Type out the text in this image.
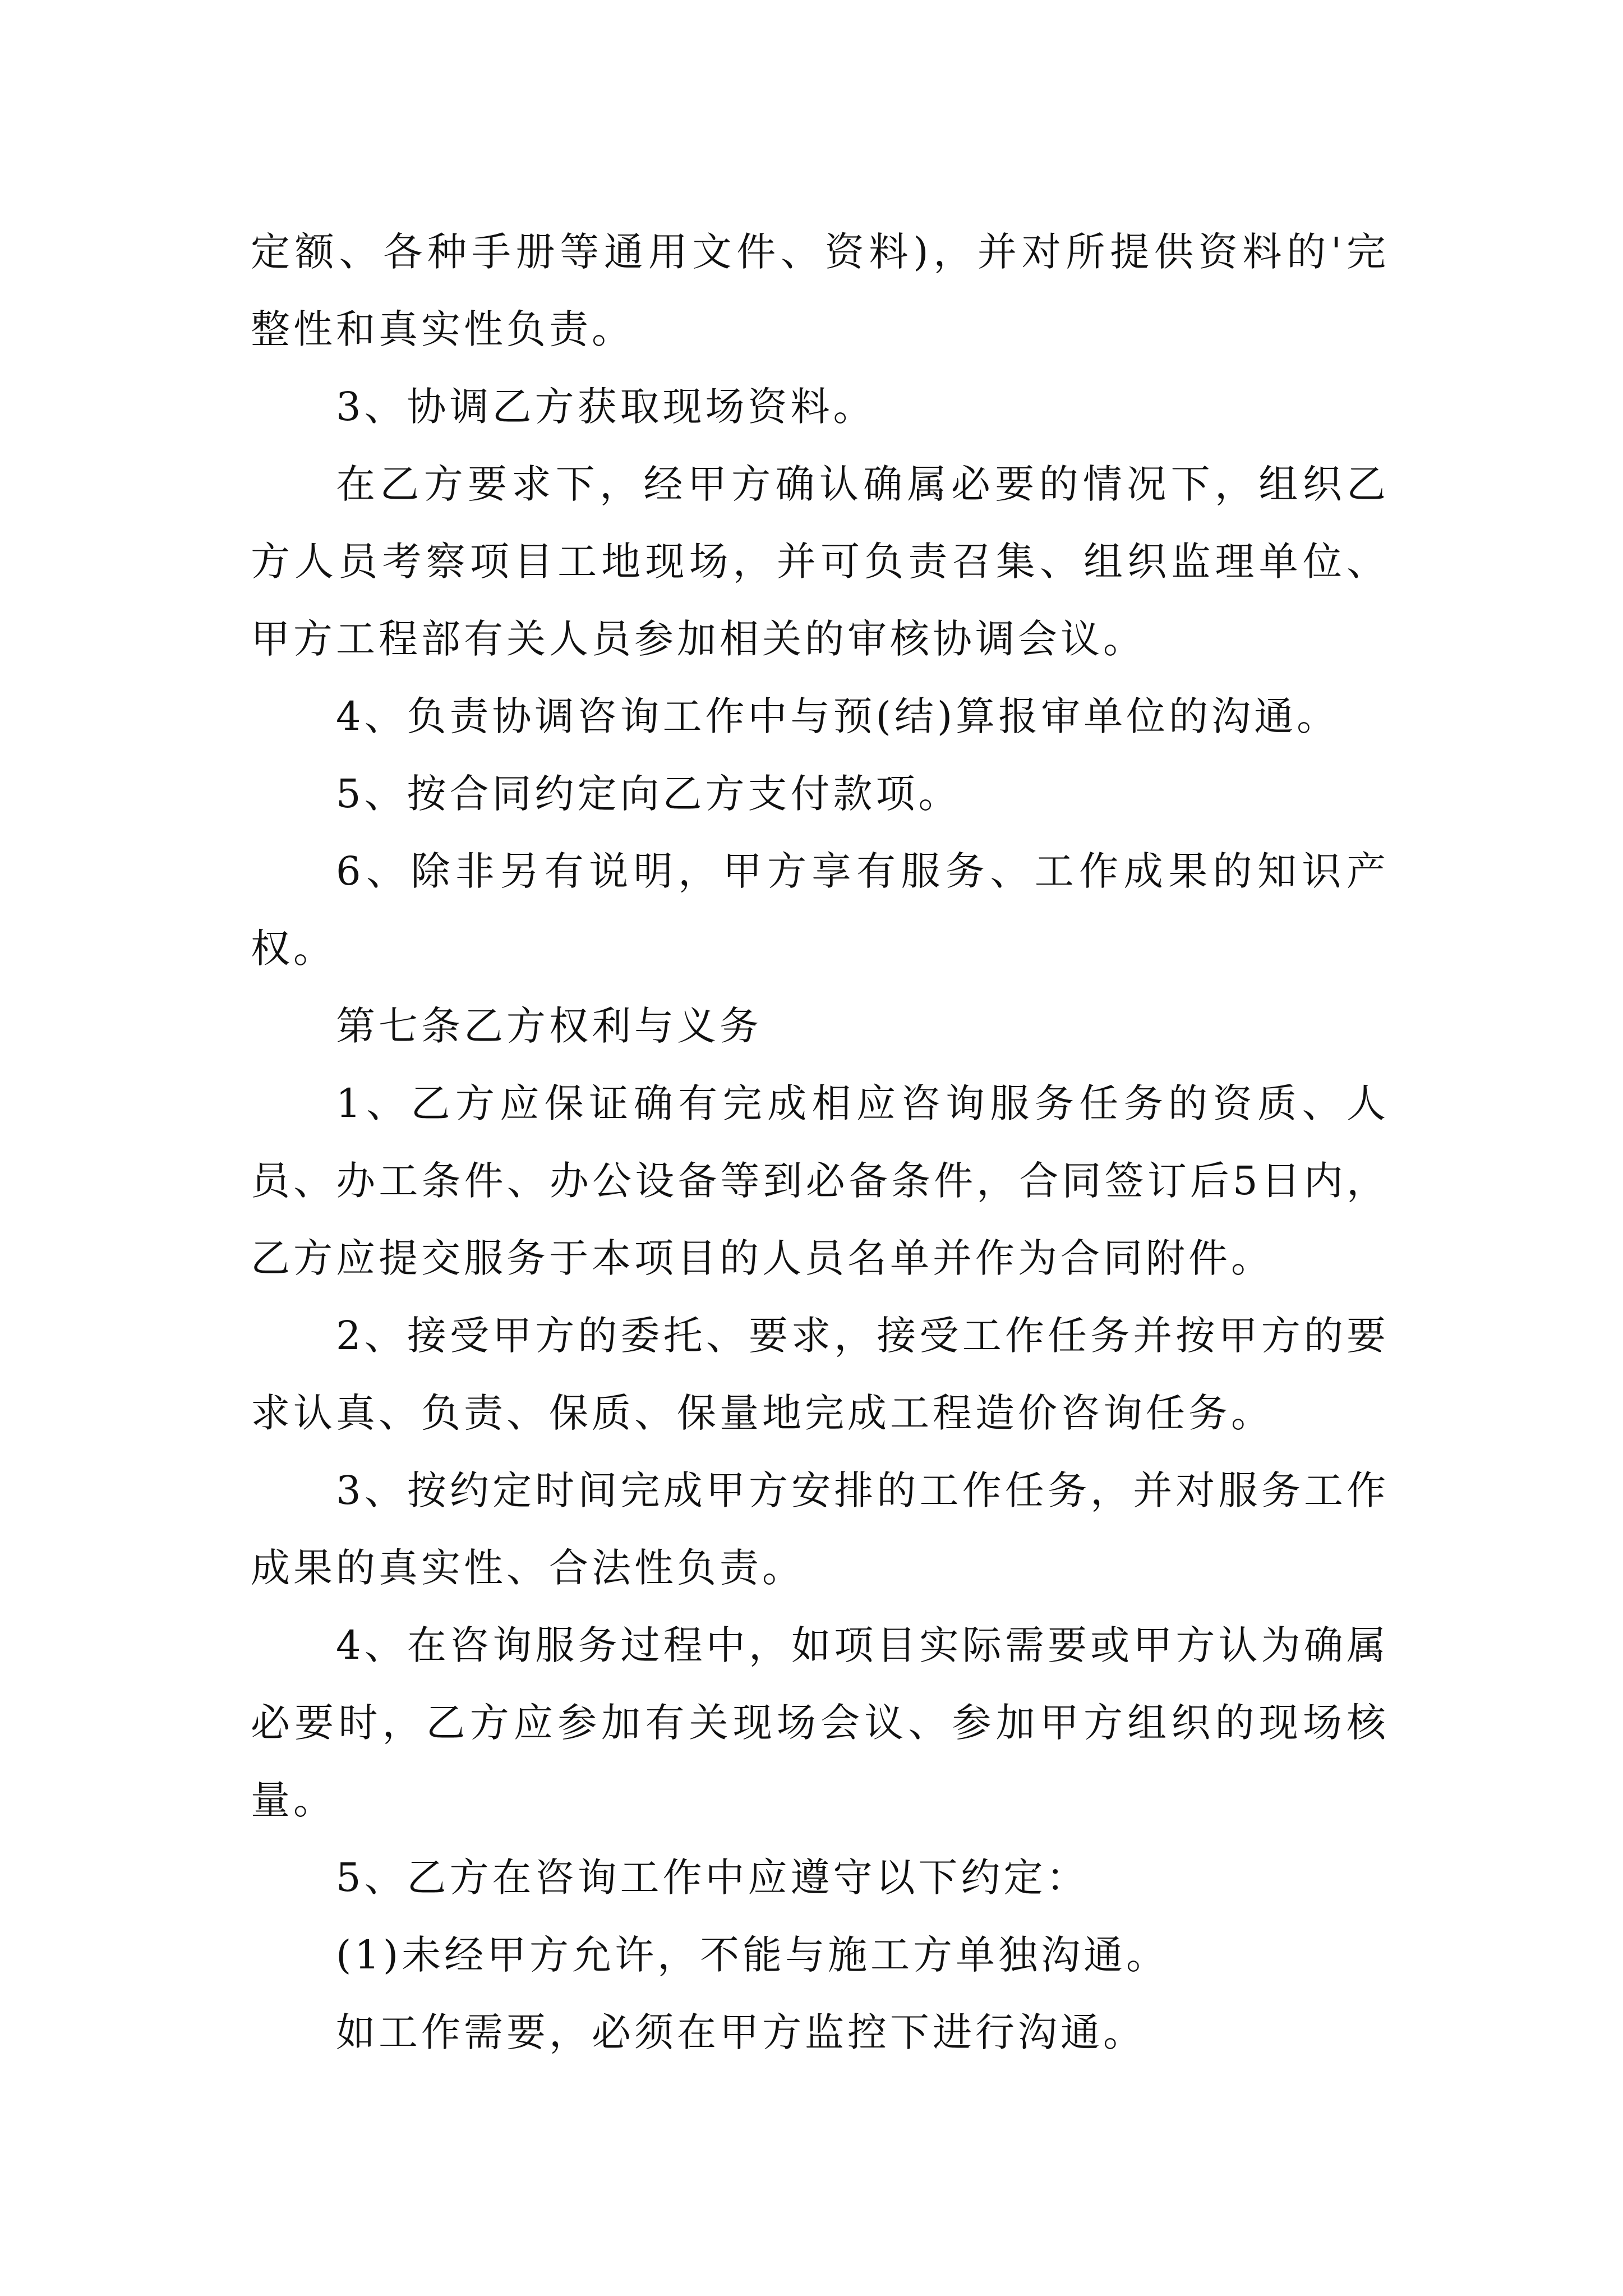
定额、各种手册等通用文件、资料)，并对所提供资料的'完整性和真实性负责。

3、协调乙方获取现场资料。

在乙方要求下，经甲方确认确属必要的情况下，组织乙方人员考察项目工地现场，并可负责召集、组织监理单位、甲方工程部有关人员参加相关的审核协调会议。

4、负责协调咨询工作中与预(结)算报审单位的沟通。

5、按合同约定向乙方支付款项。

6、除非另有说明，甲方享有服务、工作成果的知识产权。

第七条乙方权利与义务

1、乙方应保证确有完成相应咨询服务任务的资质、人员、办工条件、办公设备等到必备条件，合同签订后5日内，乙方应提交服务于本项目的人员名单并作为合同附件。

2、接受甲方的委托、要求，接受工作任务并按甲方的要求认真、负责、保质、保量地完成工程造价咨询任务。

3、按约定时间完成甲方安排的工作任务，并对服务工作成果的真实性、合法性负责。

4、在咨询服务过程中，如项目实际需要或甲方认为确属必要时，乙方应参加有关现场会议、参加甲方组织的现场核量。

5、乙方在咨询工作中应遵守以下约定：

(1)未经甲方允许，不能与施工方单独沟通。

如工作需要，必须在甲方监控下进行沟通。
